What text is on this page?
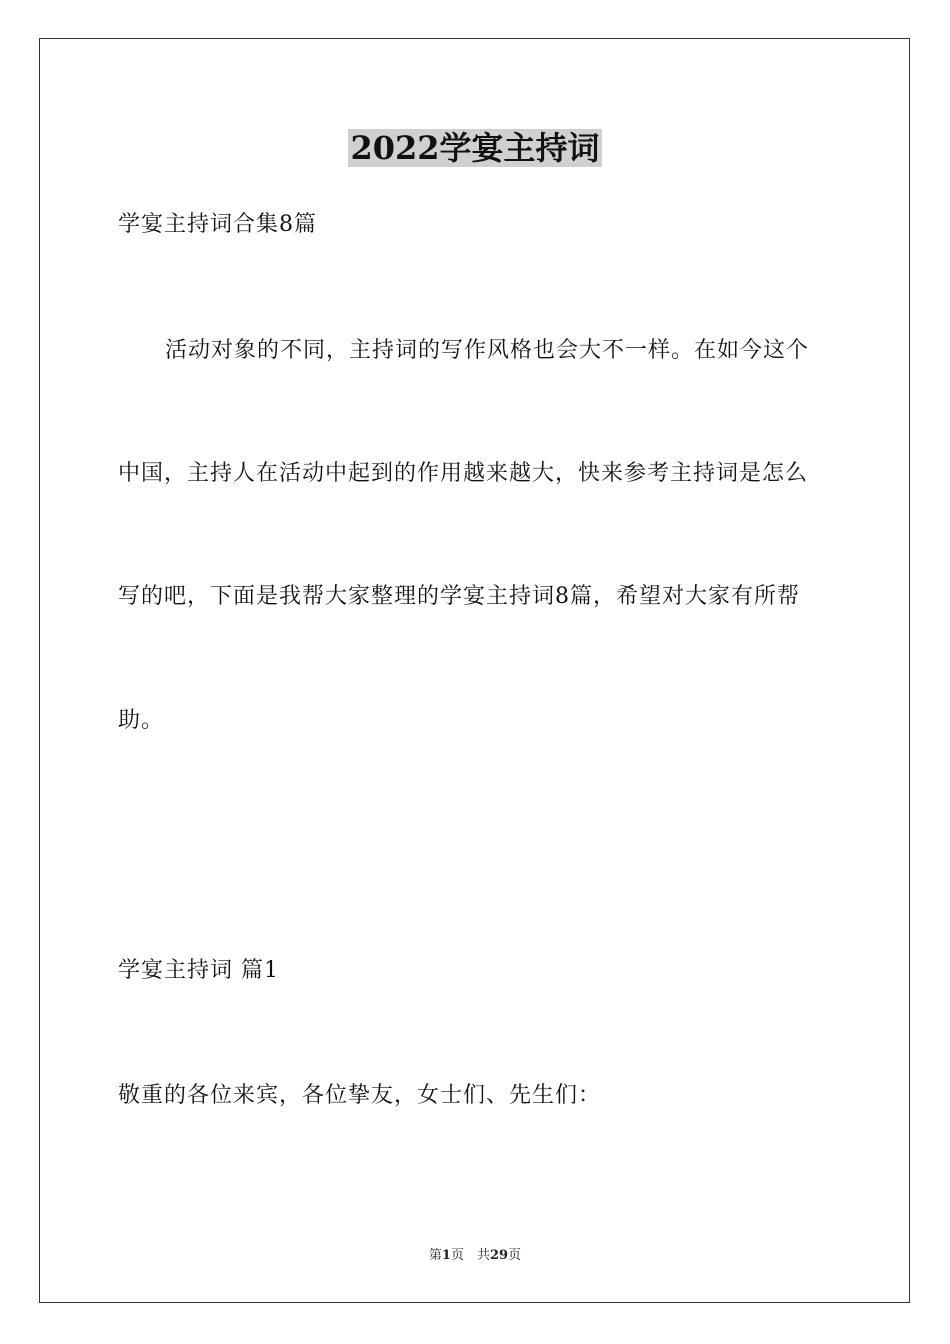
2022学宴主持词

学宴主持词合集8篇

活动对象的不同，主持词的写作风格也会大不一样。在如今这个

中国，主持人在活动中起到的作用越来越大，快来参考主持词是怎么

写的吧，下面是我帮大家整理的学宴主持词8篇，希望对大家有所帮

助。

学宴主持词 篇1

敬重的各位来宾，各位挚友，女士们、先生们：

第1页　共29页
